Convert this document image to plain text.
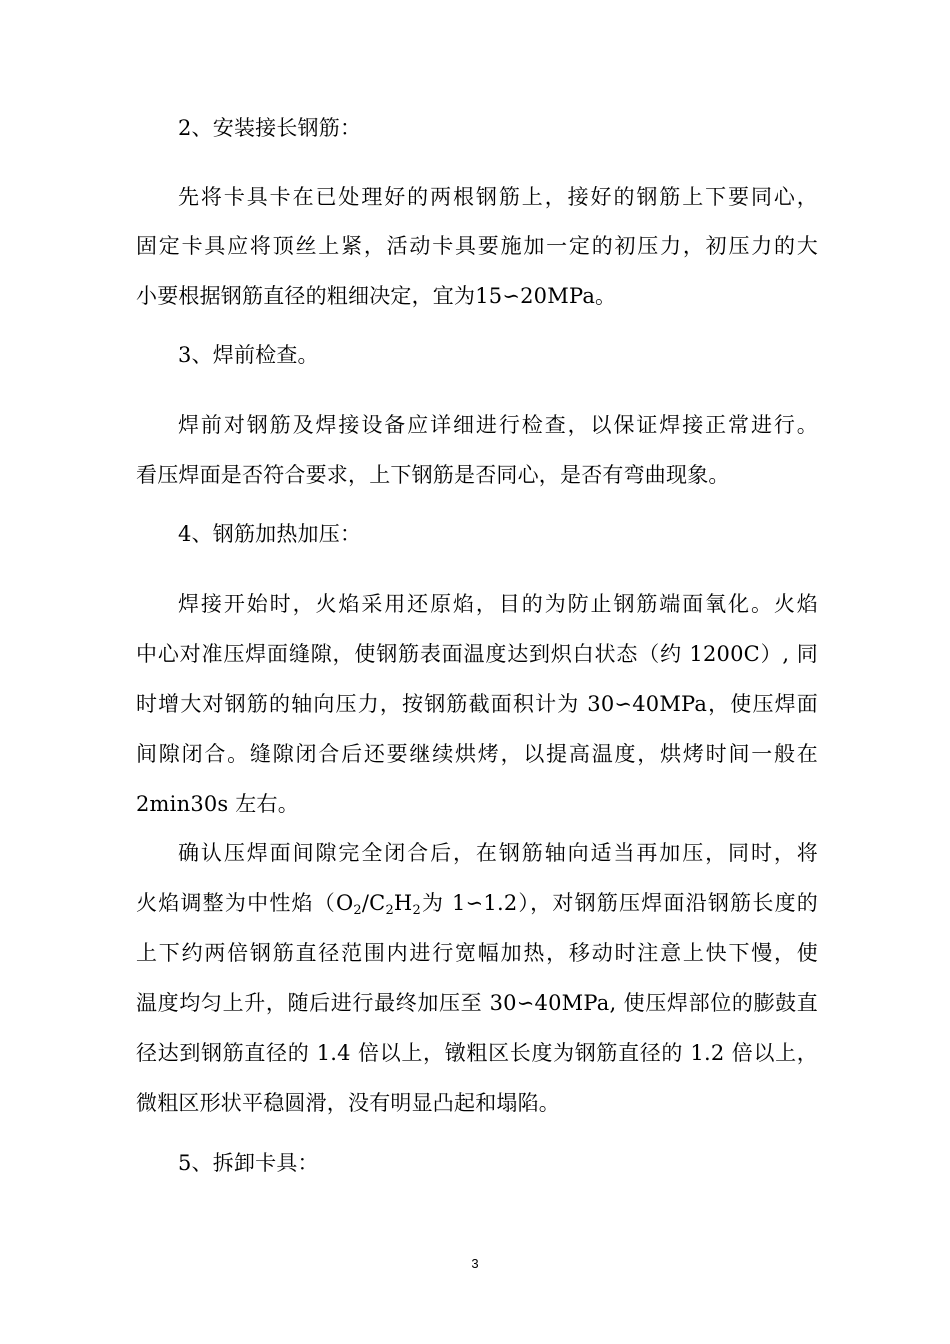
2、安装接长钢筋：
先将卡具卡在已处理好的两根钢筋上，接好的钢筋上下要同心，
固定卡具应将顶丝上紧，活动卡具要施加一定的初压力，初压力的大
小要根据钢筋直径的粗细决定，宜为15∽20MPa。
3、焊前检查。
焊前对钢筋及焊接设备应详细进行检查，以保证焊接正常进行。
看压焊面是否符合要求，上下钢筋是否同心，是否有弯曲现象。
4、钢筋加热加压：
焊接开始时，火焰采用还原焰，目的为防止钢筋端面氧化。火焰
中心对准压焊面缝隙，使钢筋表面温度达到炽白状态（约 1200C）, 同
时增大对钢筋的轴向压力，按钢筋截面积计为 30∽40MPa，使压焊面
间隙闭合。缝隙闭合后还要继续烘烤，以提高温度，烘烤时间一般在
2min30s 左右。
确认压焊面间隙完全闭合后，在钢筋轴向适当再加压，同时，将
火焰调整为中性焰（$O_2/C_2H_2$为 1∽1.2），对钢筋压焊面沿钢筋长度的
上下约两倍钢筋直径范围内进行宽幅加热，移动时注意上快下慢，使
温度均匀上升，随后进行最终加压至 30∽40MPa, 使压焊部位的膨鼓直
径达到钢筋直径的 1.4 倍以上，镦粗区长度为钢筋直径的 1.2 倍以上，
微粗区形状平稳圆滑，没有明显凸起和塌陷。
5、拆卸卡具：
3
